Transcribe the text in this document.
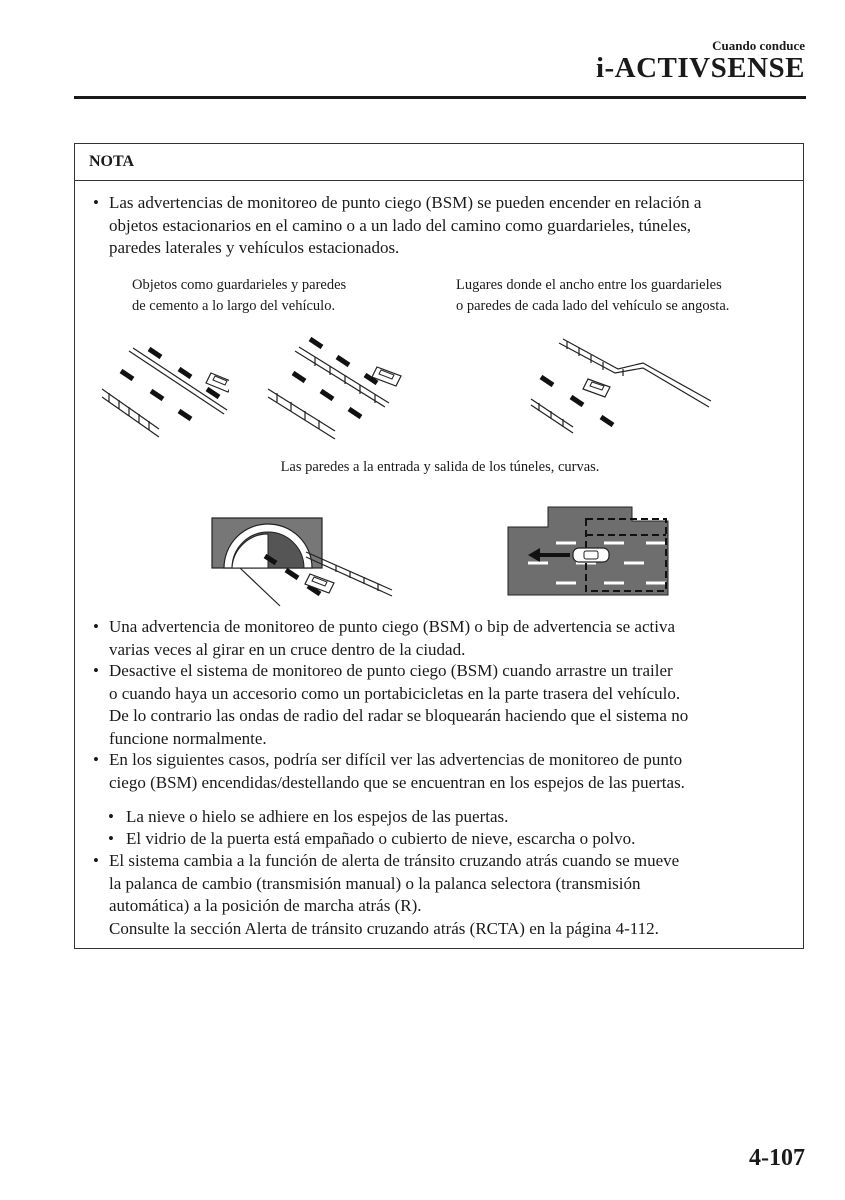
Cuando conduce
i-ACTIVSENSE
NOTA
• Las advertencias de monitoreo de punto ciego (BSM) se pueden encender en relación a
objetos estacionarios en el camino o a un lado del camino como guardarieles, túneles,
paredes laterales y vehículos estacionados.
Objetos como guardarieles y paredes
de cemento a lo largo del vehículo.
Lugares donde el ancho entre los guardarieles
o paredes de cada lado del vehículo se angosta.
Las paredes a la entrada y salida de los túneles, curvas.
• Una advertencia de monitoreo de punto ciego (BSM) o bip de advertencia se activa
varias veces al girar en un cruce dentro de la ciudad.
• Desactive el sistema de monitoreo de punto ciego (BSM) cuando arrastre un trailer
o cuando haya un accesorio como un portabicicletas en la parte trasera del vehículo.
De lo contrario las ondas de radio del radar se bloquearán haciendo que el sistema no
funcione normalmente.
• En los siguientes casos, podría ser difícil ver las advertencias de monitoreo de punto
ciego (BSM) encendidas/destellando que se encuentran en los espejos de las puertas.
• La nieve o hielo se adhiere en los espejos de las puertas.
• El vidrio de la puerta está empañado o cubierto de nieve, escarcha o polvo.
• El sistema cambia a la función de alerta de tránsito cruzando atrás cuando se mueve
la palanca de cambio (transmisión manual) o la palanca selectora (transmisión
automática) a la posición de marcha atrás (R).
Consulte la sección Alerta de tránsito cruzando atrás (RCTA) en la página 4-112.
4-107
